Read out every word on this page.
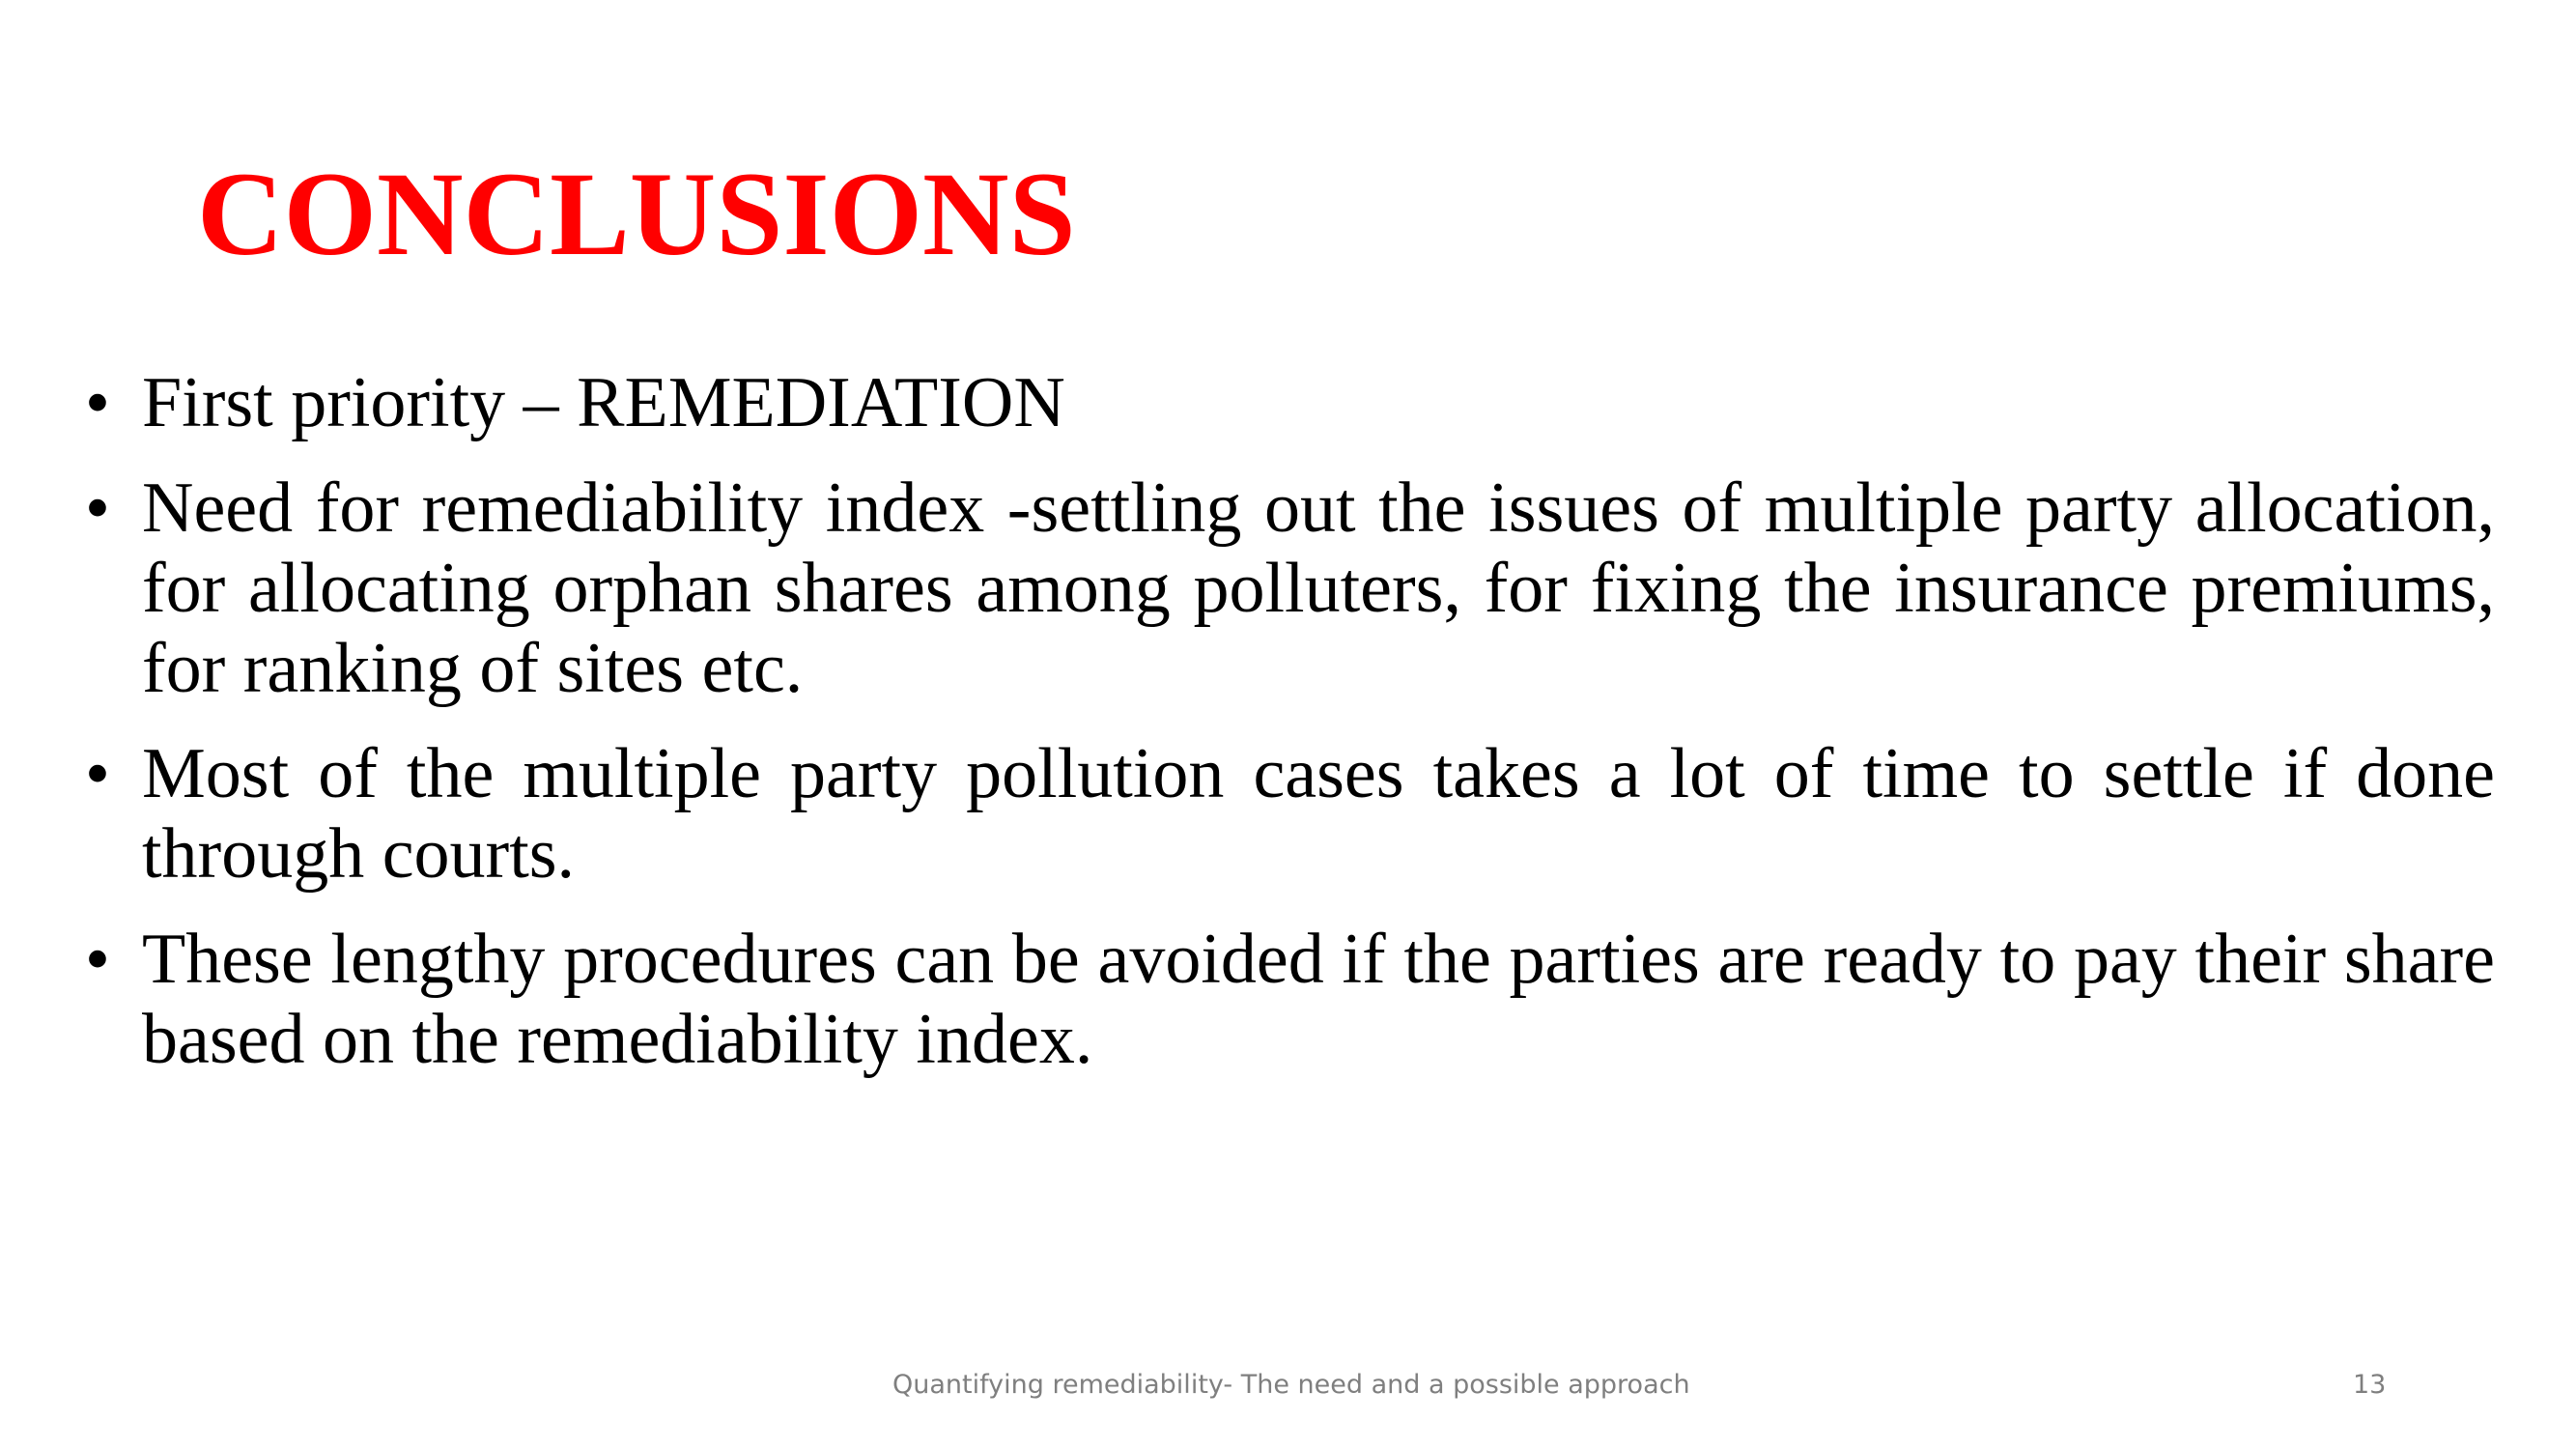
CONCLUSIONS
• First priority – REMEDIATION
• Need for remediability index -settling out the issues of multiple party allocation, for allocating orphan shares among polluters, for fixing the insurance premiums, for ranking of sites etc.
• Most of the multiple party pollution cases takes a lot of time to settle if done through courts.
• These lengthy procedures can be avoided if the parties are ready to pay their share based on the remediability index.
Quantifying remediability- The need and a possible approach	13
